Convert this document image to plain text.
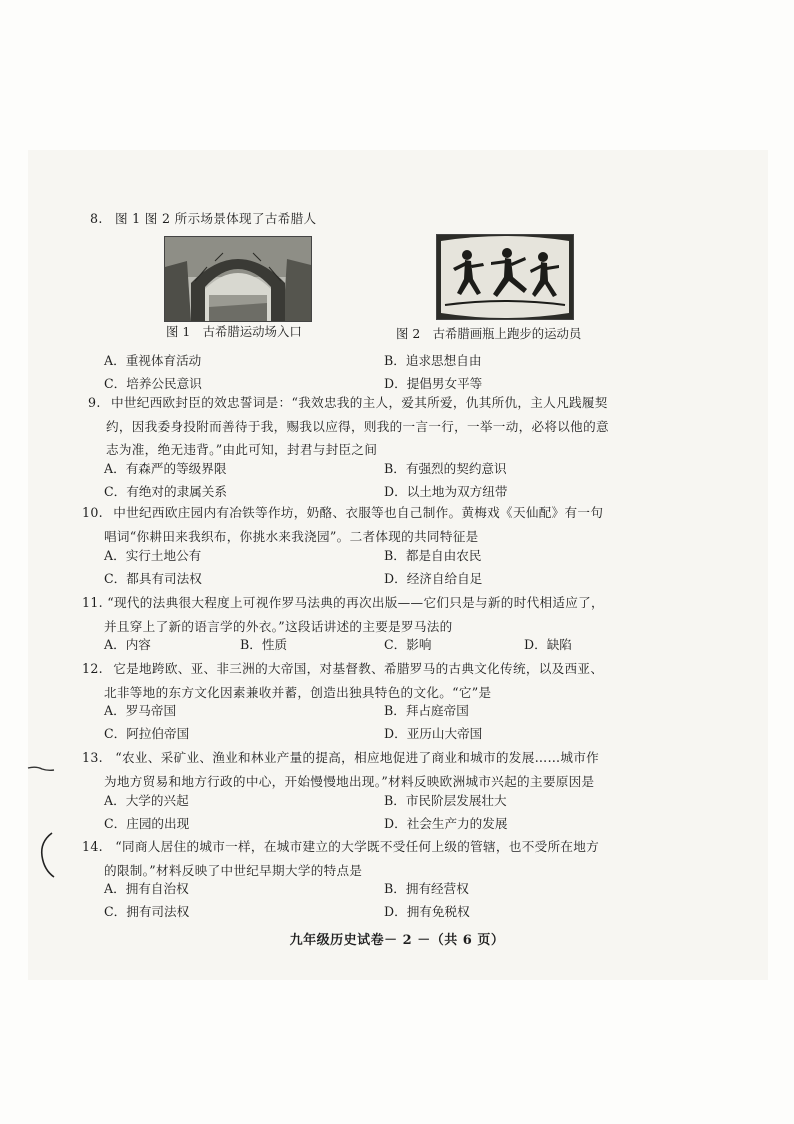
8. 图 1 图 2 所示场景体现了古希腊人
图 1　古希腊运动场入口	图 2　古希腊画瓶上跑步的运动员
A．重视体育活动	B．追求思想自由
C．培养公民意识	D．提倡男女平等
9. 中世纪西欧封臣的效忠誓词是：“我效忠我的主人，爱其所爱，仇其所仇，主人凡践履契
约，因我委身投附而善待于我，赐我以应得，则我的一言一行，一举一动，必将以他的意
志为准，绝无违背。”由此可知，封君与封臣之间
A．有森严的等级界限	B．有强烈的契约意识
C．有绝对的隶属关系	D．以土地为双方纽带
10. 中世纪西欧庄园内有冶铁等作坊，奶酪、衣服等也自己制作。黄梅戏《天仙配》有一句
唱词“你耕田来我织布，你挑水来我浇园”。二者体现的共同特征是
A．实行土地公有	B．都是自由农民
C．都具有司法权	D．经济自给自足
11. “现代的法典很大程度上可视作罗马法典的再次出版——它们只是与新的时代相适应了，
并且穿上了新的语言学的外衣。”这段话讲述的主要是罗马法的
A．内容	B．性质	C．影响	D．缺陷
12. 它是地跨欧、亚、非三洲的大帝国，对基督教、希腊罗马的古典文化传统，以及西亚、
北非等地的东方文化因素兼收并蓄，创造出独具特色的文化。“它”是
A．罗马帝国	B．拜占庭帝国
C．阿拉伯帝国	D．亚历山大帝国
13. “农业、采矿业、渔业和林业产量的提高，相应地促进了商业和城市的发展……城市作
为地方贸易和地方行政的中心，开始慢慢地出现。”材料反映欧洲城市兴起的主要原因是
A．大学的兴起	B．市民阶层发展壮大
C．庄园的出现	D．社会生产力的发展
14. “同商人居住的城市一样，在城市建立的大学既不受任何上级的管辖，也不受所在地方
的限制。”材料反映了中世纪早期大学的特点是
A．拥有自治权	B．拥有经营权
C．拥有司法权	D．拥有免税权
九年级历史试卷－ 2 －（共 6 页）
